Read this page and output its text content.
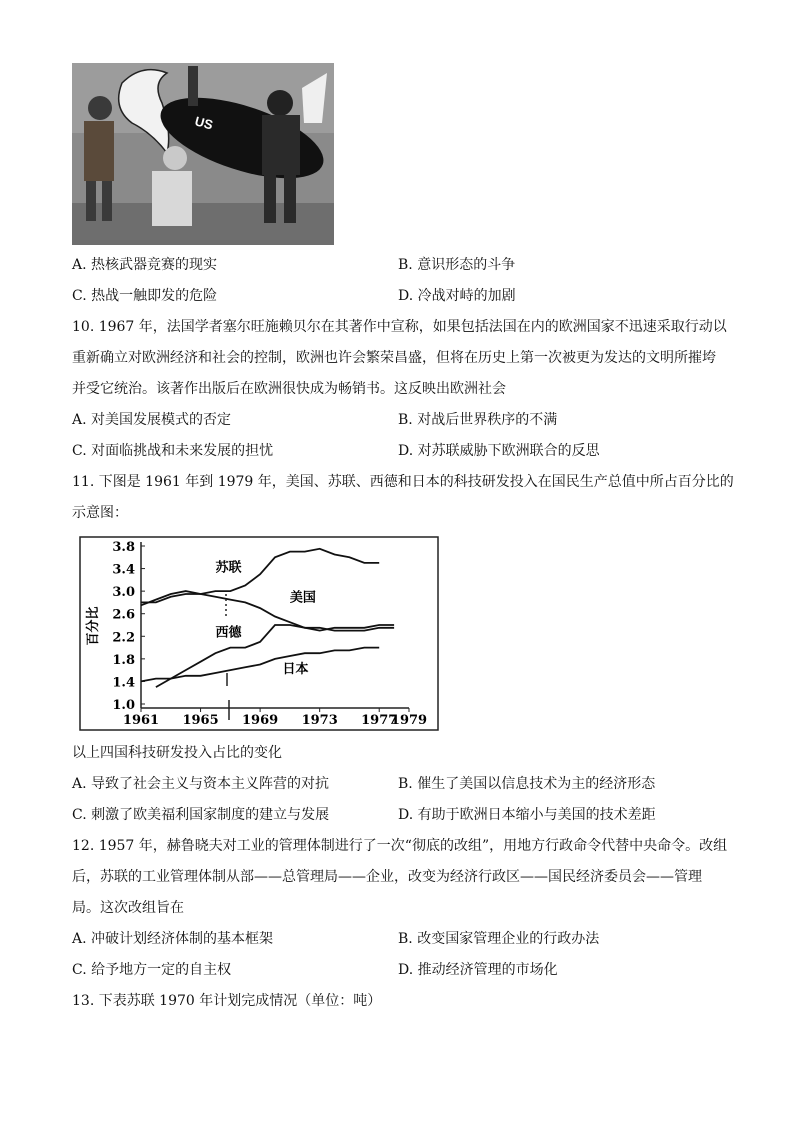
US
A. 热核武器竞赛的现实	B. 意识形态的斗争
C. 热战一触即发的危险	D. 冷战对峙的加剧
10. 1967 年，法国学者塞尔旺施赖贝尔在其著作中宣称，如果包括法国在内的欧洲国家不迅速采取行动以
重新确立对欧洲经济和社会的控制，欧洲也许会繁荣昌盛，但将在历史上第一次被更为发达的文明所摧垮
并受它统治。该著作出版后在欧洲很快成为畅销书。这反映出欧洲社会
A. 对美国发展模式的否定	B. 对战后世界秩序的不满
C. 对面临挑战和未来发展的担忧	D. 对苏联威胁下欧洲联合的反思
11. 下图是 1961 年到 1979 年，美国、苏联、西德和日本的科技研发投入在国民生产总值中所占百分比的
示意图：
百分比
3.8
3.4
3.0
2.6
2.2
1.8
1.4
1.0
1961 1965 1969 1973 1977
1979
苏联
美国
西德
日本
以上四国科技研发投入占比的变化
A. 导致了社会主义与资本主义阵营的对抗	B. 催生了美国以信息技术为主的经济形态
C. 刺激了欧美福利国家制度的建立与发展	D. 有助于欧洲日本缩小与美国的技术差距
12. 1957 年，赫鲁晓夫对工业的管理体制进行了一次“彻底的改组”，用地方行政命令代替中央命令。改组
后，苏联的工业管理体制从部——总管理局——企业，改变为经济行政区——国民经济委员会——管理
局。这次改组旨在
A. 冲破计划经济体制的基本框架	B. 改变国家管理企业的行政办法
C. 给予地方一定的自主权	D. 推动经济管理的市场化
13. 下表苏联 1970 年计划完成情况（单位：吨）
